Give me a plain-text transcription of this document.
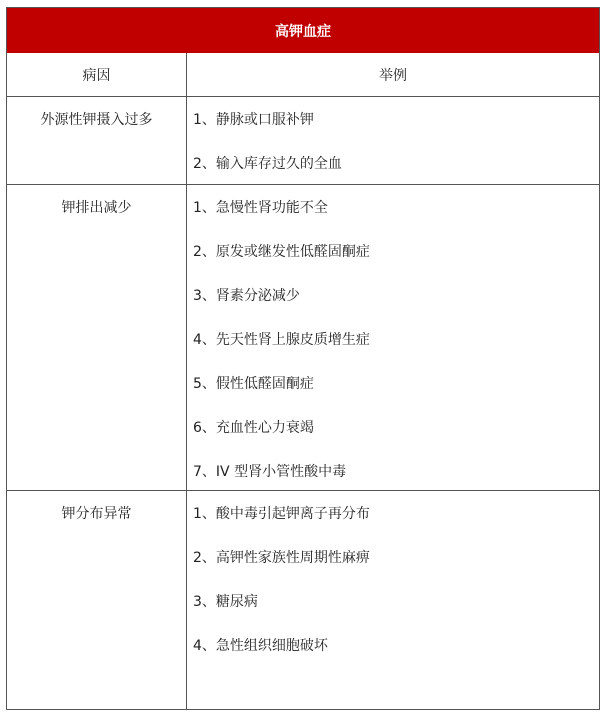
高钾血症
病因	举例
外源性钾摄入过多	1、静脉或口服补钾
2、输入库存过久的全血
钾排出减少	1、急慢性肾功能不全
2、原发或继发性低醛固酮症
3、肾素分泌减少
4、先天性肾上腺皮质增生症
5、假性低醛固酮症
6、充血性心力衰竭
7、IV 型肾小管性酸中毒
钾分布异常	1、酸中毒引起钾离子再分布
2、高钾性家族性周期性麻痹
3、糖尿病
4、急性组织细胞破坏
